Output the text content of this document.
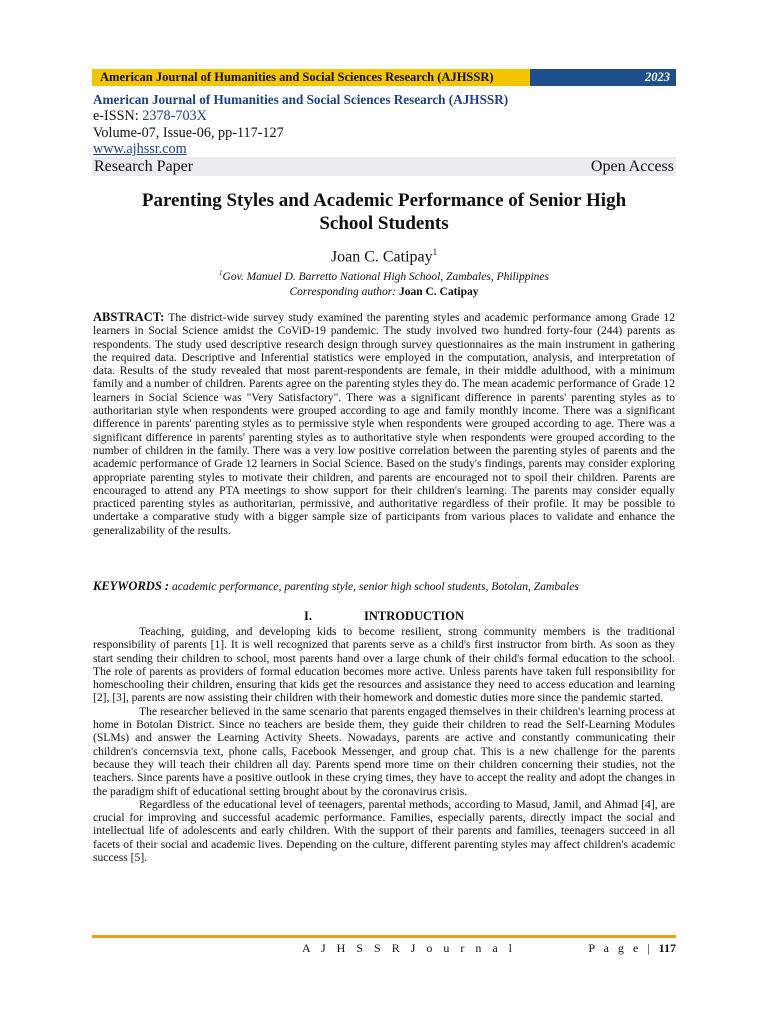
American Journal of Humanities and Social Sciences Research (AJHSSR)	2023
American Journal of Humanities and Social Sciences Research (AJHSSR)
e-ISSN: 2378-703X
Volume-07, Issue-06, pp-117-127
www.ajhssr.com
Research Paper	Open Access
Parenting Styles and Academic Performance of Senior High
School Students
Joan C. Catipay$^1$
$^1$Gov. Manuel D. Barretto National High School, Zambales, Philippines
Corresponding author: Joan C. Catipay
ABSTRACT: The district-wide survey study examined the parenting styles and academic performance among Grade 12 learners in Social Science amidst the CoViD-19 pandemic. The study involved two hundred forty-four (244) parents as respondents. The study used descriptive research design through survey questionnaires as the main instrument in gathering the required data. Descriptive and Inferential statistics were employed in the computation, analysis, and interpretation of data. Results of the study revealed that most parent-respondents are female, in their middle adulthood, with a minimum family and a number of children. Parents agree on the parenting styles they do. The mean academic performance of Grade 12 learners in Social Science was "Very Satisfactory". There was a significant difference in parents' parenting styles as to authoritarian style when respondents were grouped according to age and family monthly income. There was a significant difference in parents' parenting styles as to permissive style when respondents were grouped according to age. There was a significant difference in parents' parenting styles as to authoritative style when respondents were grouped according to the number of children in the family. There was a very low positive correlation between the parenting styles of parents and the academic performance of Grade 12 learners in Social Science. Based on the study's findings, parents may consider exploring appropriate parenting styles to motivate their children, and parents are encouraged not to spoil their children. Parents are encouraged to attend any PTA meetings to show support for their children's learning. The parents may consider equally practiced parenting styles as authoritarian, permissive, and authoritative regardless of their profile. It may be possible to undertake a comparative study with a bigger sample size of participants from various places to validate and enhance the generalizability of the results.
KEYWORDS : academic performance, parenting style, senior high school students, Botolan, Zambales
I.	INTRODUCTION

Teaching, guiding, and developing kids to become resilient, strong community members is the traditional responsibility of parents [1]. It is well recognized that parents serve as a child's first instructor from birth. As soon as they start sending their children to school, most parents hand over a large chunk of their child's formal education to the school. The role of parents as providers of formal education becomes more active. Unless parents have taken full responsibility for homeschooling their children, ensuring that kids get the resources and assistance they need to access education and learning [2], [3], parents are now assisting their children with their homework and domestic duties more since the pandemic started.

The researcher believed in the same scenario that parents engaged themselves in their children's learning process at home in Botolan District. Since no teachers are beside them, they guide their children to read the Self-Learning Modules (SLMs) and answer the Learning Activity Sheets. Nowadays, parents are active and constantly communicating their children's concernsvia text, phone calls, Facebook Messenger, and group chat. This is a new challenge for the parents because they will teach their children all day. Parents spend more time on their children concerning their studies, not the teachers. Since parents have a positive outlook in these crying times, they have to accept the reality and adopt the changes in the paradigm shift of educational setting brought about by the coronavirus crisis.

Regardless of the educational level of teenagers, parental methods, according to Masud, Jamil, and Ahmad [4], are crucial for improving and successful academic performance. Families, especially parents, directly impact the social and intellectual life of adolescents and early children. With the support of their parents and families, teenagers succeed in all facets of their social and academic lives. Depending on the culture, different parenting styles may affect children's academic success [5].

A J H S S R J o u r n a l	P a g e | 117
